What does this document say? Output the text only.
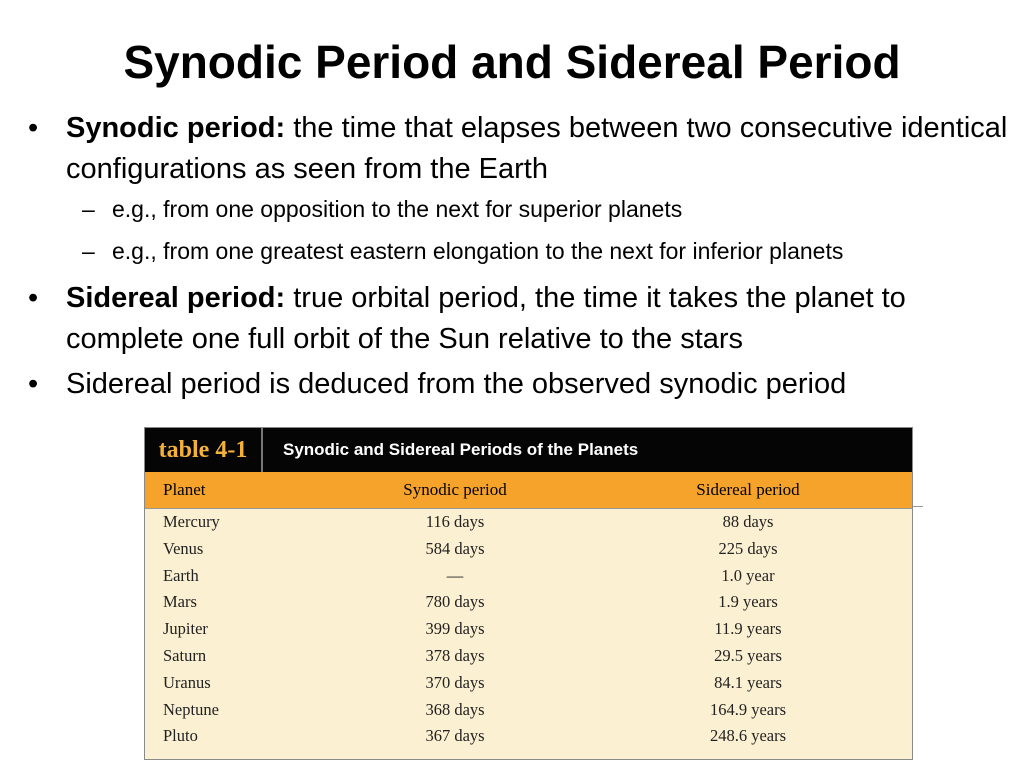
Synodic Period and Sidereal Period
• Synodic period: the time that elapses between two consecutive identical configurations as seen from the Earth
– e.g., from one opposition to the next for superior planets
– e.g., from one greatest eastern elongation to the next for inferior planets
• Sidereal period: true orbital period, the time it takes the planet to complete one full orbit of the Sun relative to the stars
• Sidereal period is deduced from the observed synodic period
table 4-1	Synodic and Sidereal Periods of the Planets
Planet	Synodic period	Sidereal period
Mercury	116 days	88 days
Venus	584 days	225 days
Earth	—	1.0 year
Mars	780 days	1.9 years
Jupiter	399 days	11.9 years
Saturn	378 days	29.5 years
Uranus	370 days	84.1 years
Neptune	368 days	164.9 years
Pluto	367 days	248.6 years
